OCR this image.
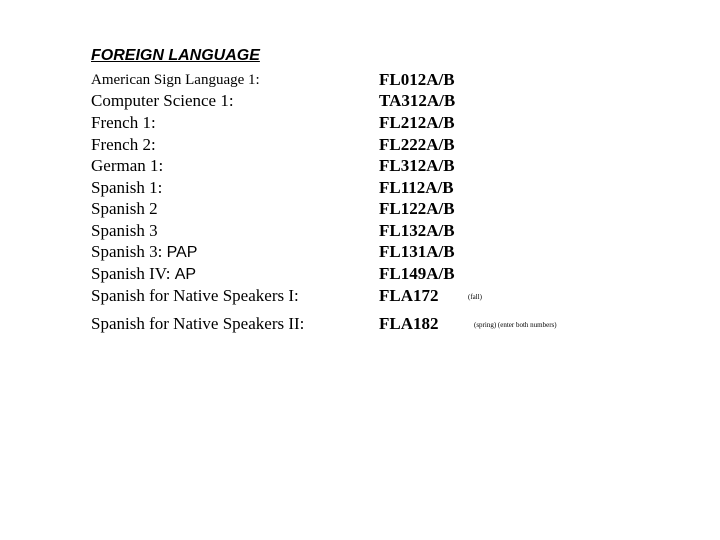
FOREIGN LANGUAGE
American Sign Language 1:	FL012A/B
Computer Science 1:	TA312A/B
French 1:	FL212A/B
French 2:	FL222A/B
German 1:	FL312A/B
Spanish 1:	FL112A/B
Spanish 2	FL122A/B
Spanish 3	FL132A/B
Spanish 3: PAP	FL131A/B
Spanish IV: AP	FL149A/B
Spanish for Native Speakers I:	FLA172	(fall)
Spanish for Native Speakers II:	FLA182	(spring) (enter both numbers)
